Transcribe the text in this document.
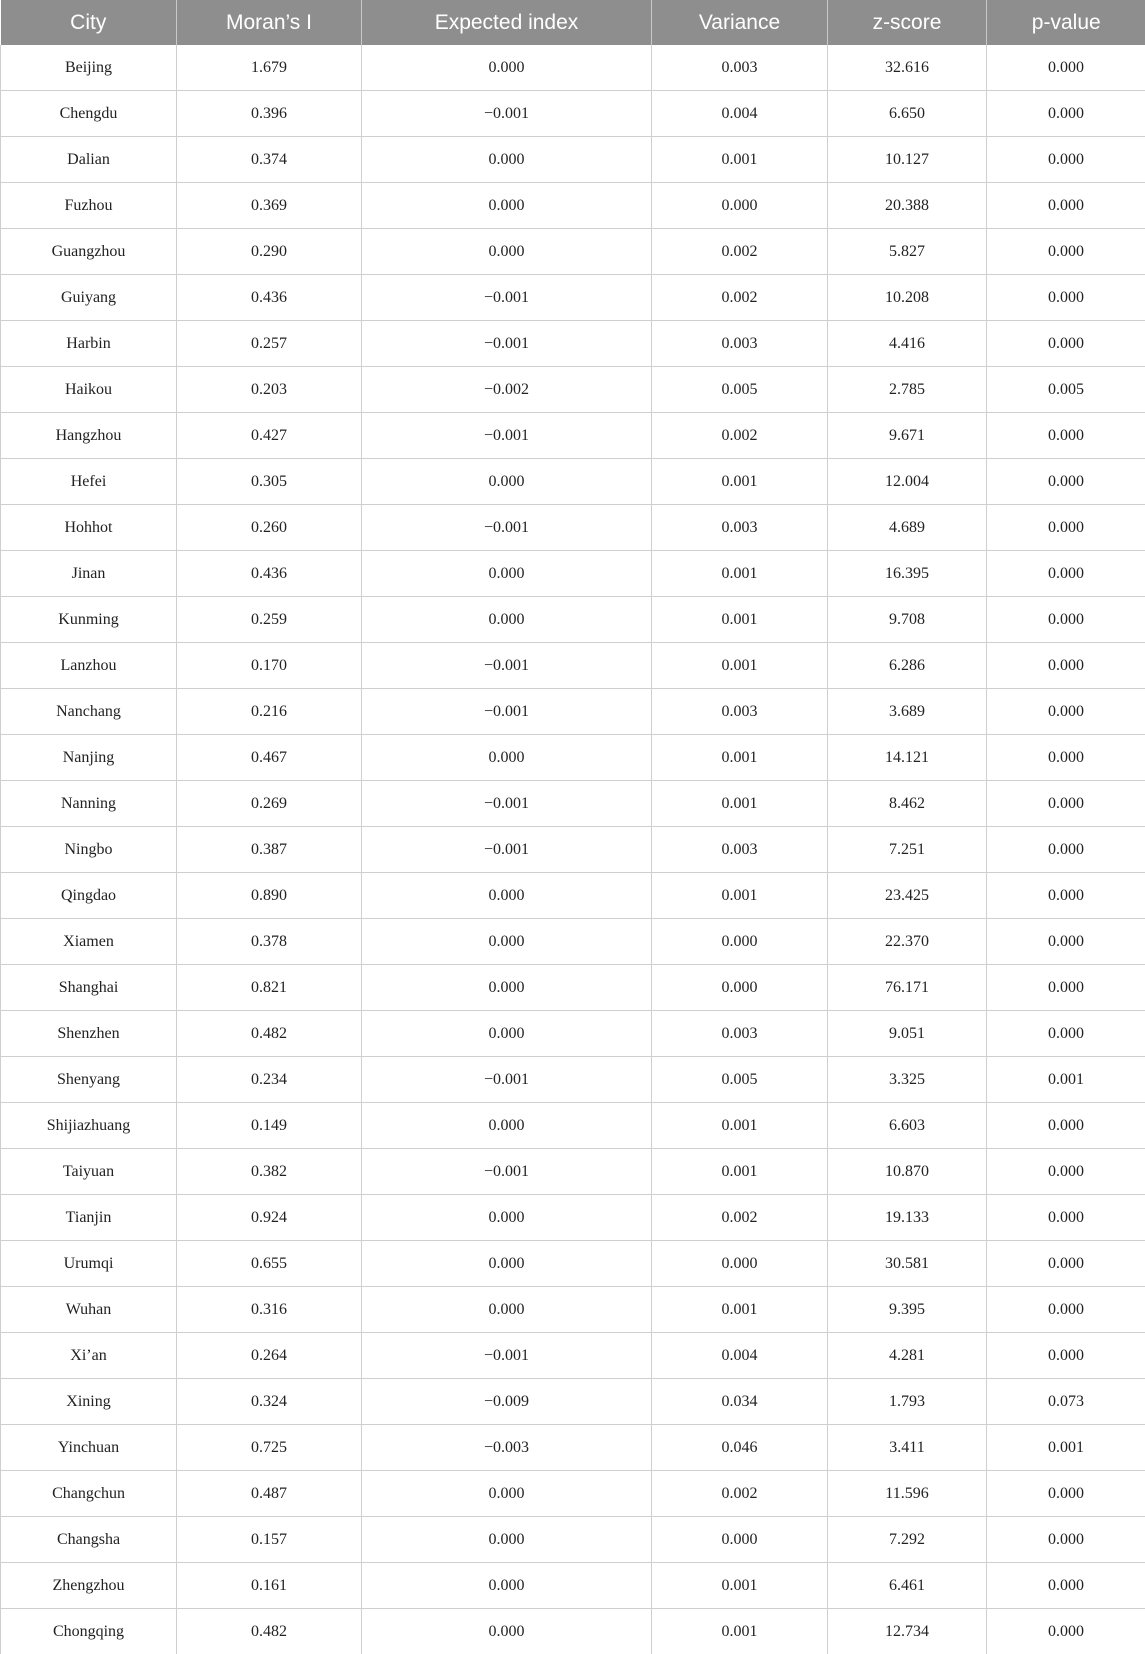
City	Moran’s I	Expected index	Variance	z-score	p-value
Beijing	1.679	0.000	0.003	32.616	0.000
Chengdu	0.396	−0.001	0.004	6.650	0.000
Dalian	0.374	0.000	0.001	10.127	0.000
Fuzhou	0.369	0.000	0.000	20.388	0.000
Guangzhou	0.290	0.000	0.002	5.827	0.000
Guiyang	0.436	−0.001	0.002	10.208	0.000
Harbin	0.257	−0.001	0.003	4.416	0.000
Haikou	0.203	−0.002	0.005	2.785	0.005
Hangzhou	0.427	−0.001	0.002	9.671	0.000
Hefei	0.305	0.000	0.001	12.004	0.000
Hohhot	0.260	−0.001	0.003	4.689	0.000
Jinan	0.436	0.000	0.001	16.395	0.000
Kunming	0.259	0.000	0.001	9.708	0.000
Lanzhou	0.170	−0.001	0.001	6.286	0.000
Nanchang	0.216	−0.001	0.003	3.689	0.000
Nanjing	0.467	0.000	0.001	14.121	0.000
Nanning	0.269	−0.001	0.001	8.462	0.000
Ningbo	0.387	−0.001	0.003	7.251	0.000
Qingdao	0.890	0.000	0.001	23.425	0.000
Xiamen	0.378	0.000	0.000	22.370	0.000
Shanghai	0.821	0.000	0.000	76.171	0.000
Shenzhen	0.482	0.000	0.003	9.051	0.000
Shenyang	0.234	−0.001	0.005	3.325	0.001
Shijiazhuang	0.149	0.000	0.001	6.603	0.000
Taiyuan	0.382	−0.001	0.001	10.870	0.000
Tianjin	0.924	0.000	0.002	19.133	0.000
Urumqi	0.655	0.000	0.000	30.581	0.000
Wuhan	0.316	0.000	0.001	9.395	0.000
Xi’an	0.264	−0.001	0.004	4.281	0.000
Xining	0.324	−0.009	0.034	1.793	0.073
Yinchuan	0.725	−0.003	0.046	3.411	0.001
Changchun	0.487	0.000	0.002	11.596	0.000
Changsha	0.157	0.000	0.000	7.292	0.000
Zhengzhou	0.161	0.000	0.001	6.461	0.000
Chongqing	0.482	0.000	0.001	12.734	0.000
